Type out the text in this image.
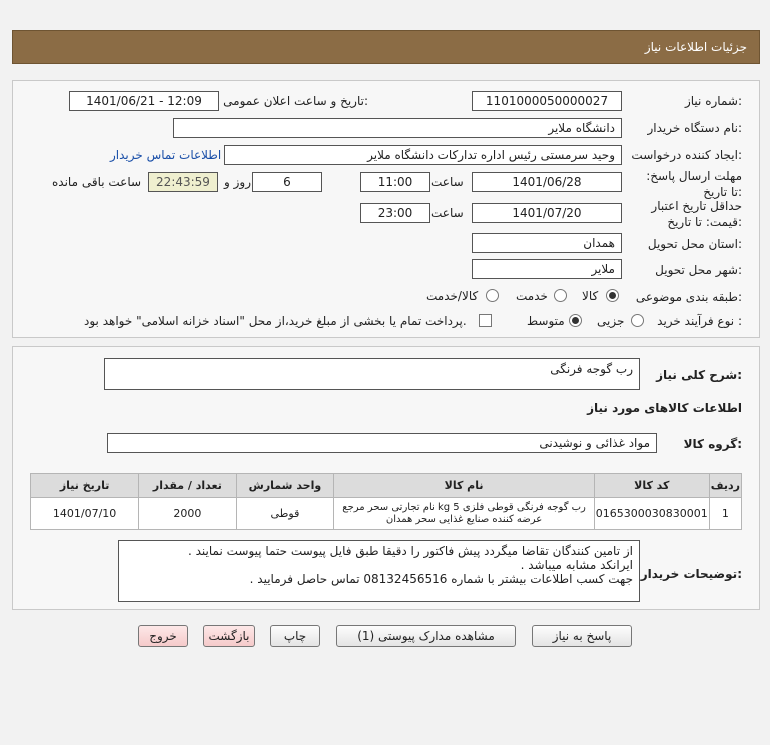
جزئیات اطلاعات نیاز
شماره نیاز:
1101000050000027
تاریخ و ساعت اعلان عمومی:
1401/06/21 - 12:09
نام دستگاه خریدار:
دانشگاه ملایر
ایجاد کننده درخواست:
وحید سرمستی رئیس اداره تداركات دانشگاه ملایر
اطلاعات تماس خریدار
مهلت ارسال پاسخ: تا تاریخ:
1401/06/28
ساعت
11:00
6
روز و
22:43:59
ساعت باقی مانده
حداقل تاریخ اعتبار قیمت: تا تاریخ:
1401/07/20
ساعت
23:00
استان محل تحویل:
همدان
شهر محل تحویل:
ملایر
طبقه بندی موضوعی:
کالا
خدمت
کالا/خدمت
نوع فرآیند خرید :
جزیی
متوسط
پرداخت تمام یا بخشی از مبلغ خرید،از محل "اسناد خزانه اسلامی" خواهد بود.
شرح کلی نیاز:
رب گوجه فرنگی
اطلاعات کالاهای مورد نیاز
گروه کالا:
مواد غذائی و نوشیدنی
ردیف	کد کالا	نام کالا	واحد شمارش	تعداد / مقدار	تاریخ نیاز
1	0165300030830001	رب گوجه فرنگی قوطی فلزی 5 kg نام تجارتی سحر مرجع عرضه کننده صنایع غذایی سحر همدان	قوطی	2000	1401/07/10
توضیحات خریدار:
از تامین کنندگان تقاضا میگردد پیش فاکتور را دقیقا طبق فایل پیوست حتما پیوست نمایند .
ایرانکد مشابه میباشد .
جهت کسب اطلاعات بیشتر با شماره 08132456516 تماس حاصل فرمایید .
پاسخ به نیاز
مشاهده مدارک پیوستی (1)
چاپ
بازگشت
خروج
